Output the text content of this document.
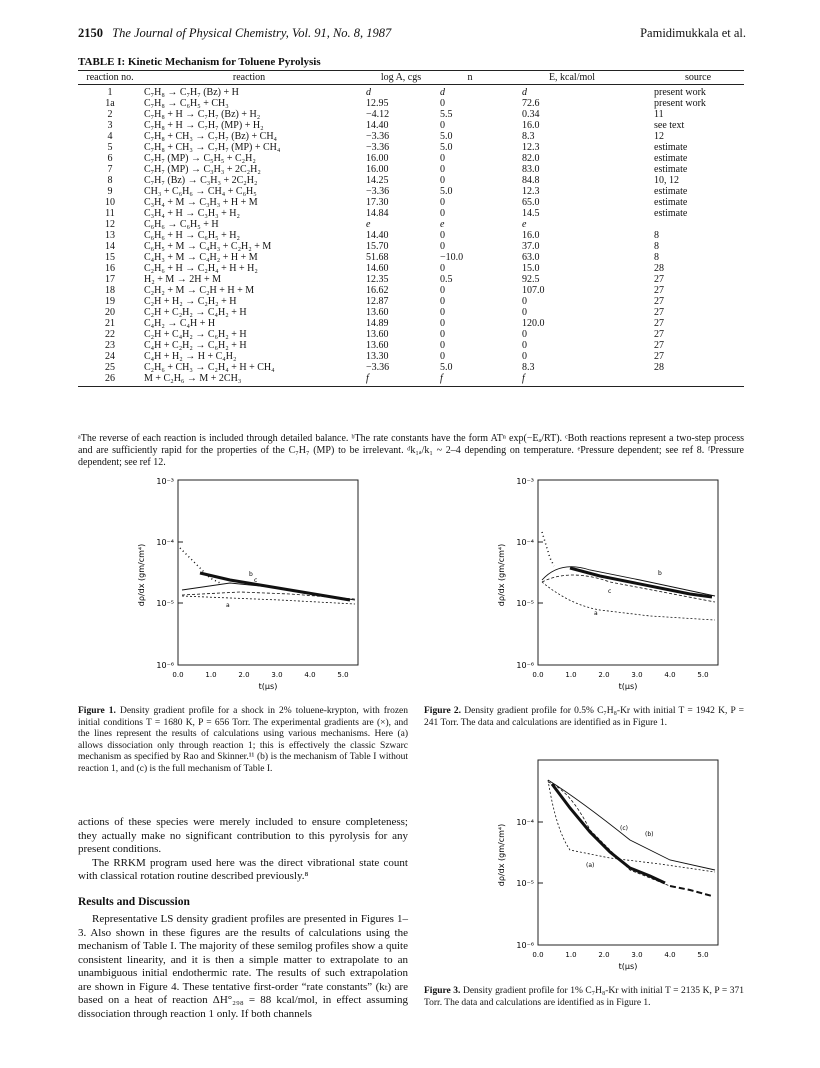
2150 The Journal of Physical Chemistry, Vol. 91, No. 8, 1987	Pamidimukkala et al.
TABLE I: Kinetic Mechanism for Toluene Pyrolysis
reaction no.	reaction	log A, cgs	n	E, kcal/mol	source
1	C₇H₈ → C₇H₇ (Bz) + H	d	d	d	present work
1a	C₇H₈ → C₆H₅ + CH₃	12.95	0	72.6	present work
2	C₇H₈ + H → C₇H₇ (Bz) + H₂	−4.12	5.5	0.34	11
3	C₇H₈ + H → C₇H₇ (MP) + H₂	14.40	0	16.0	see text
4	C₇H₈ + CH₃ → C₇H₇ (Bz) + CH₄	−3.36	5.0	8.3	12
5	C₇H₈ + CH₃ → C₇H₇ (MP) + CH₄	−3.36	5.0	12.3	estimate
6	C₇H₇ (MP) → C₅H₅ + C₂H₂	16.00	0	82.0	estimate
7	C₇H₇ (MP) → C₃H₃ + 2C₂H₂	16.00	0	83.0	estimate
8	C₇H₇ (Bz) → C₃H₃ + 2C₂H₂	14.25	0	84.8	10, 12
9	CH₃ + C₆H₆ → CH₄ + C₆H₅	−3.36	5.0	12.3	estimate
10	C₃H₄ + M → C₃H₃ + H + M	17.30	0	65.0	estimate
11	C₃H₄ + H → C₃H₃ + H₂	14.84	0	14.5	estimate
12	C₆H₆ → C₆H₅ + H	e	e	e	
13	C₆H₆ + H → C₆H₅ + H₂	14.40	0	16.0	8
14	C₆H₅ + M → C₄H₃ + C₂H₂ + M	15.70	0	37.0	8
15	C₄H₃ + M → C₄H₂ + H + M	51.68	−10.0	63.0	8
16	C₂H₆ + H → C₂H₄ + H + H₂	14.60	0	15.0	28
17	H₂ + M → 2H + M	12.35	0.5	92.5	27
18	C₂H₂ + M → C₂H + H + M	16.62	0	107.0	27
19	C₂H + H₂ → C₂H₂ + H	12.87	0	0	27
20	C₂H + C₂H₂ → C₄H₂ + H	13.60	0	0	27
21	C₄H₂ → C₄H + H	14.89	0	120.0	27
22	C₂H + C₄H₂ → C₆H₂ + H	13.60	0	0	27
23	C₄H + C₂H₂ → C₆H₂ + H	13.60	0	0	27
24	C₄H + H₂ → H + C₄H₂	13.30	0	0	27
25	C₂H₆ + CH₃ → C₂H₄ + H + CH₄	−3.36	5.0	8.3	28
26	M + C₂H₆ → M + 2CH₃	f	f	f	
ᵃThe reverse of each reaction is included through detailed balance. ᵇThe rate constants have the form ATⁿ exp(−Eₐ/RT). ᶜBoth reactions represent a two-step process and are sufficiently rapid for the properties of the C₇H₇ (MP) to be irrelevant. ᵈk₁ₐ/k₁ ~ 2–4 depending on temperature. ᵉPressure dependent; see ref 8. ᶠPressure dependent; see ref 12.
10⁻³
10⁻⁴
10⁻⁵
10⁻⁶
dρ/dx (gm/cm⁴)
0.0	1.0	2.0	3.0	4.0	5.0
t(μs)
b
c
a
10⁻³
10⁻⁴
10⁻⁵
10⁻⁶
dρ/dx (gm/cm⁴)
0.0	1.0	2.0	3.0	4.0	5.0
t(μs)
b
c
a
Figure 1. Density gradient profile for a shock in 2% toluene-krypton, with frozen initial conditions T = 1680 K, P = 656 Torr. The experimental gradients are (×), and the lines represent the results of calculations using various mechanisms. Here (a) allows dissociation only through reaction 1; this is effectively the classic Szwarc mechanism as specified by Rao and Skinner.¹¹ (b) is the mechanism of Table I without reaction 1, and (c) is the full mechanism of Table I.
Figure 2. Density gradient profile for 0.5% C₇H₈-Kr with initial T = 1942 K, P = 241 Torr. The data and calculations are identified as in Figure 1.
10⁻⁴
10⁻⁵
10⁻⁶
dρ/dx (gm/cm⁴)
0.0	1.0	2.0	3.0	4.0	5.0
t(μs)
(c)
(b)
(a)
Figure 3. Density gradient profile for 1% C₇H₈-Kr with initial T = 2135 K, P = 371 Torr. The data and calculations are identified as in Figure 1.

actions of these species were merely included to ensure completeness; they actually make no significant contribution to this pyrolysis for any present conditions.

The RRKM program used here was the direct vibrational state count with classical rotation routine described previously.⁸

Results and Discussion

Representative LS density gradient profiles are presented in Figures 1–3. Also shown in these figures are the results of calculations using the mechanism of Table I. The majority of these semilog profiles show a quite consistent linearity, and it is then a simple matter to extrapolate to an unambiguous initial endothermic rate. The results of such extrapolation are shown in Figure 4. These tentative first-order “rate constants” (kₜ) are based on a heat of reaction ΔH°₂₉₈ = 88 kcal/mol, in effect assuming dissociation through reaction 1 only. If both channels
